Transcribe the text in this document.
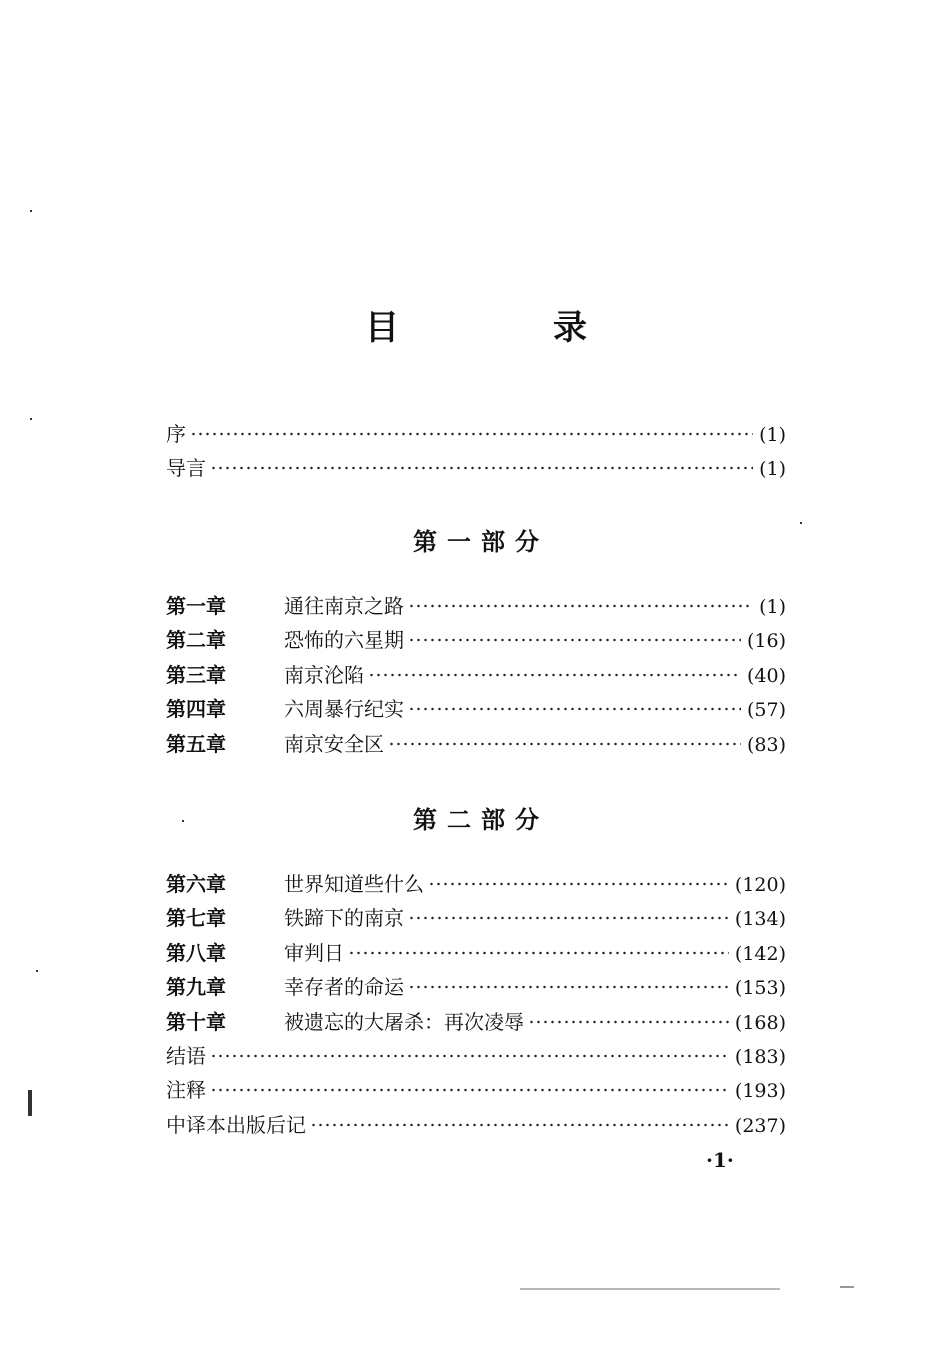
目　录
序	(1)
导言	(1)
第一部分
第一章	通往南京之路	(1)
第二章	恐怖的六星期	(16)
第三章	南京沦陷	(40)
第四章	六周暴行纪实	(57)
第五章	南京安全区	(83)
第二部分
第六章	世界知道些什么	(120)
第七章	铁蹄下的南京	(134)
第八章	审判日	(142)
第九章	幸存者的命运	(153)
第十章	被遗忘的大屠杀：再次凌辱	(168)
结语	(183)
注释	(193)
中译本出版后记	(237)
·1·
